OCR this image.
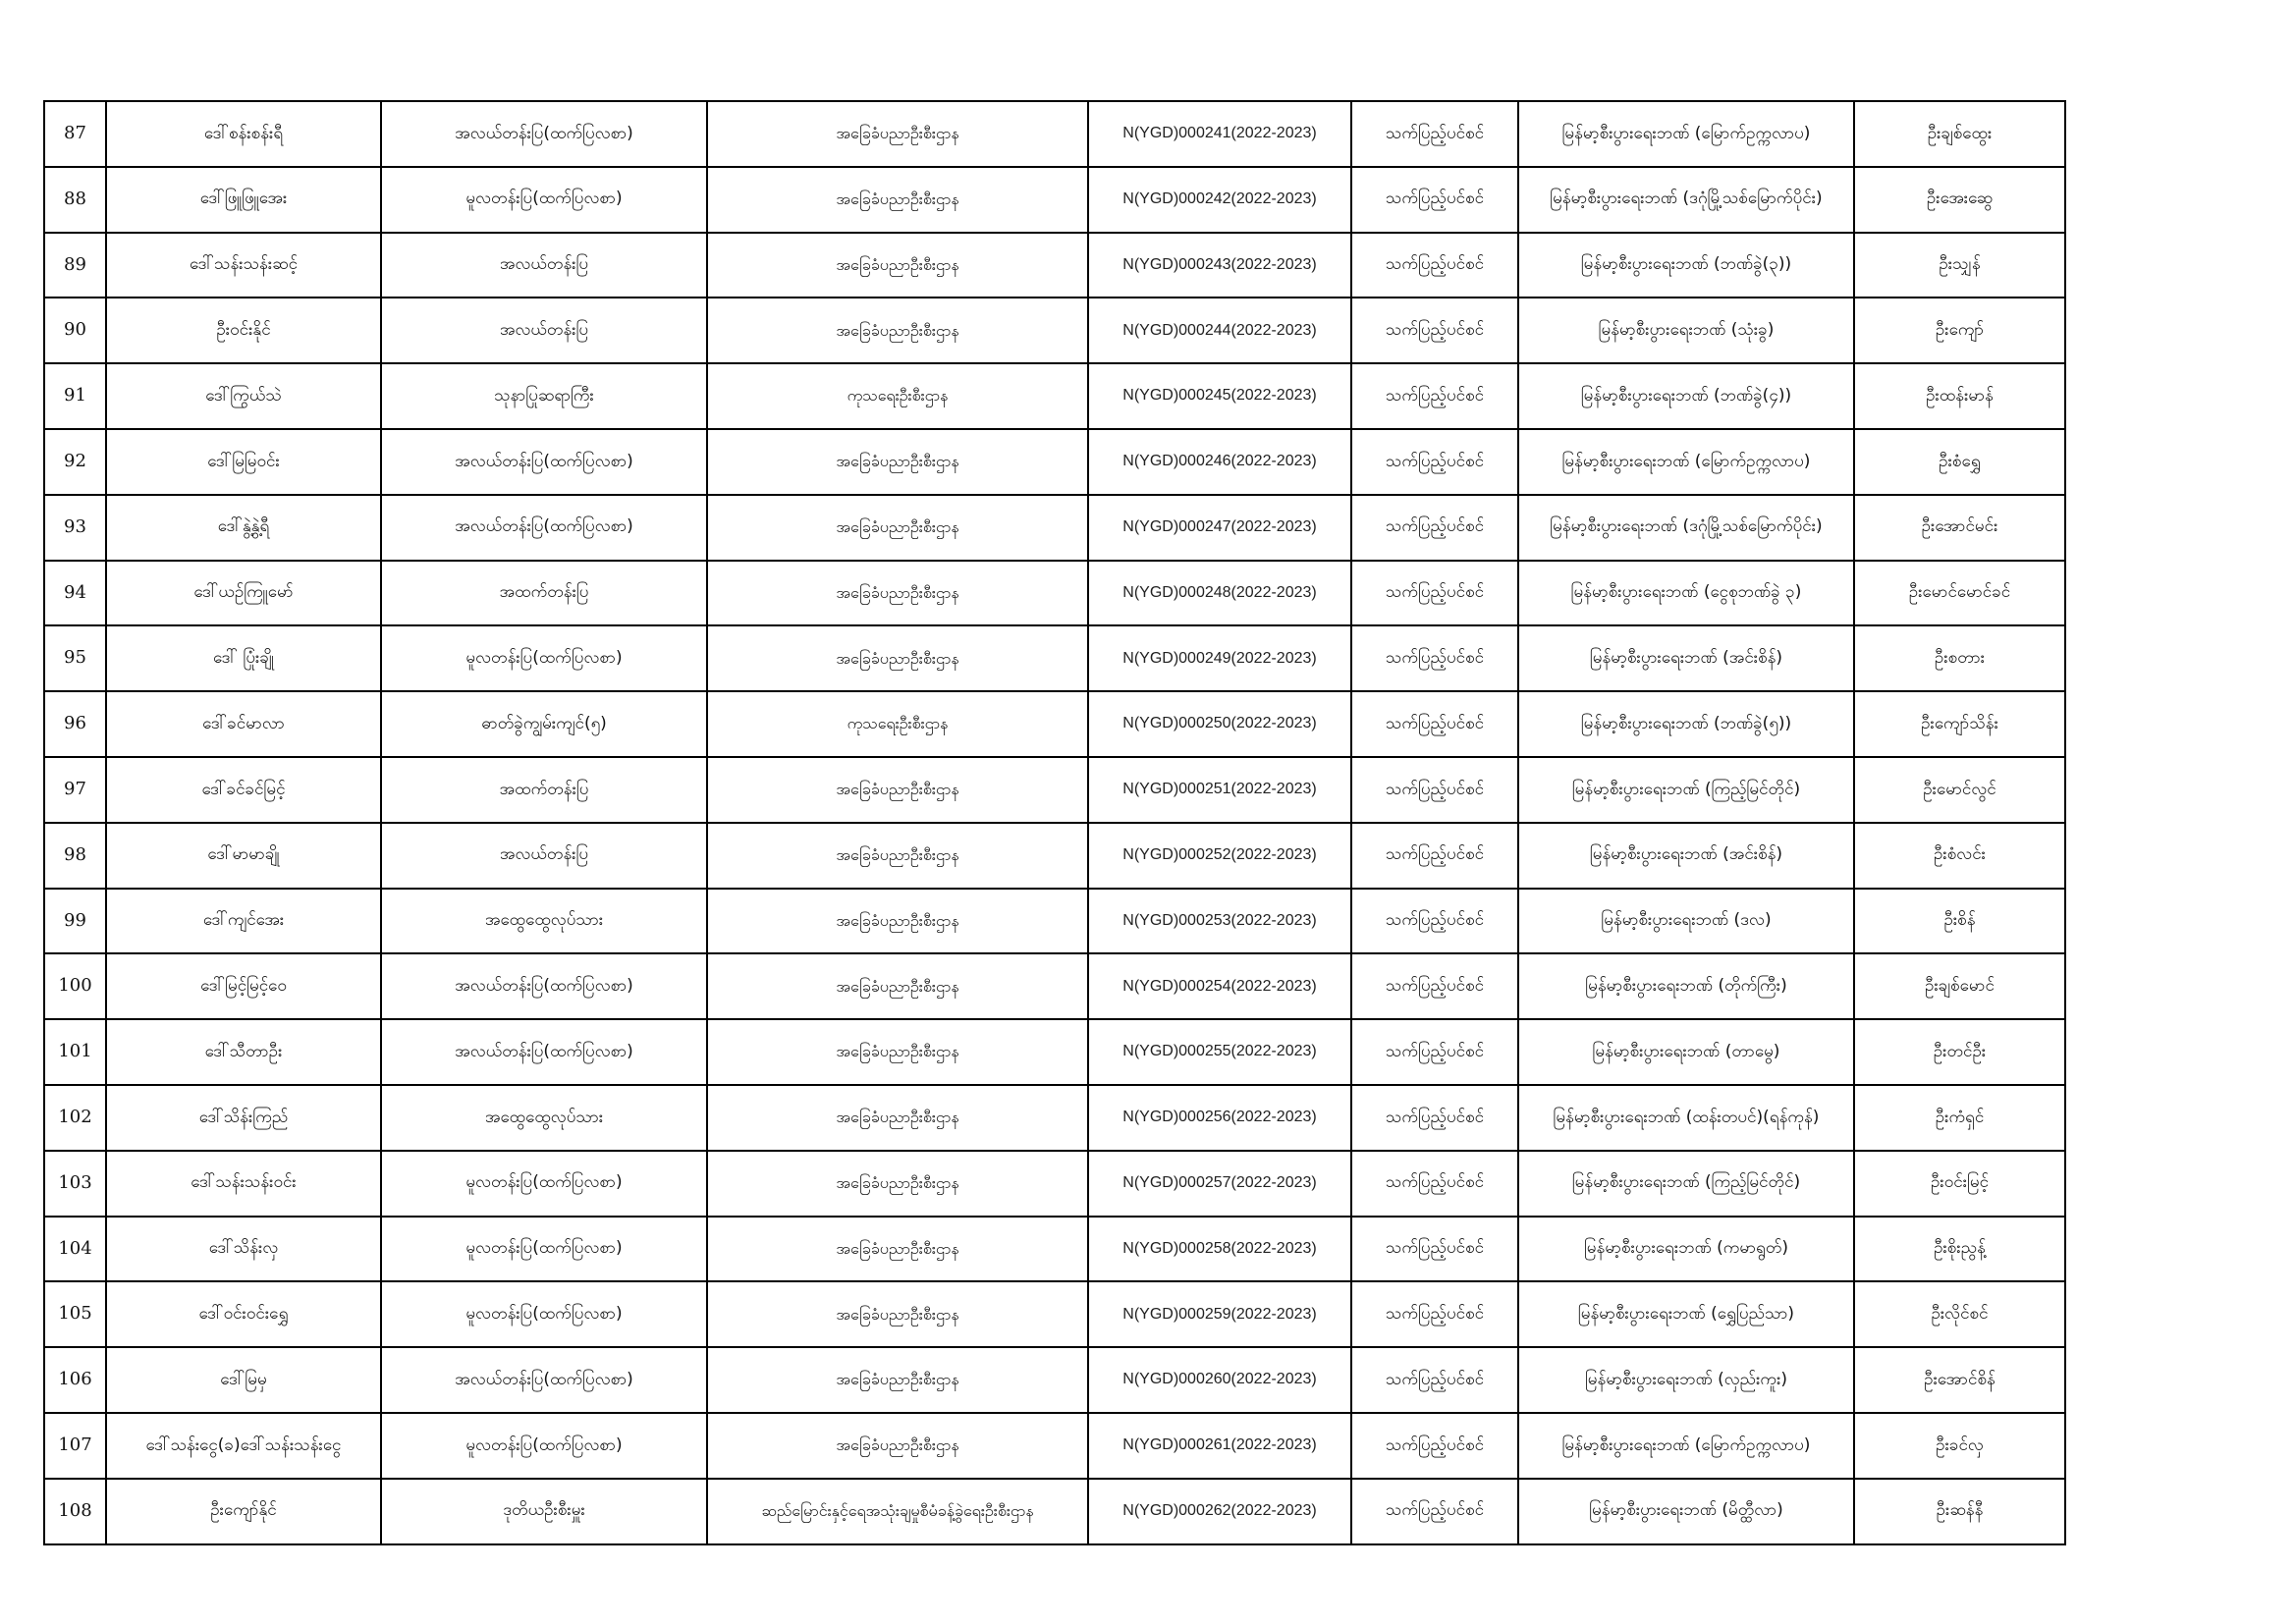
87	ဒေါ်စန်းစန်းရီ	အလယ်တန်းပြ(ထက်ပြလစာ)	အခြေခံပညာဦးစီးဌာန	N(YGD)000241(2022-2023)	သက်ပြည့်ပင်စင်	မြန်မာ့စီးပွားရေးဘဏ် (မြောက်ဥက္ကလာပ)	ဦးချစ်ထွေး
88	ဒေါ်ဖြူဖြူအေး	မူလတန်းပြ(ထက်ပြလစာ)	အခြေခံပညာဦးစီးဌာန	N(YGD)000242(2022-2023)	သက်ပြည့်ပင်စင်	မြန်မာ့စီးပွားရေးဘဏ် (ဒဂုံမြို့သစ်မြောက်ပိုင်း)	ဦးအေးဆွေ
89	ဒေါ်သန်းသန်းဆင့်	အလယ်တန်းပြ	အခြေခံပညာဦးစီးဌာန	N(YGD)000243(2022-2023)	သက်ပြည့်ပင်စင်	မြန်မာ့စီးပွားရေးဘဏ် (ဘဏ်ခွဲ(၃))	ဦးသျှန်
90	ဦးဝင်းနိုင်	အလယ်တန်းပြ	အခြေခံပညာဦးစီးဌာန	N(YGD)000244(2022-2023)	သက်ပြည့်ပင်စင်	မြန်မာ့စီးပွားရေးဘဏ် (သုံးခွ)	ဦးကျော်
91	ဒေါ်ကြွယ်သဲ	သုနာပြုဆရာကြီး	ကုသရေးဦးစီးဌာန	N(YGD)000245(2022-2023)	သက်ပြည့်ပင်စင်	မြန်မာ့စီးပွားရေးဘဏ် (ဘဏ်ခွဲ(၄))	ဦးထန်းမာန်
92	ဒေါ်မြမြဝင်း	အလယ်တန်းပြ(ထက်ပြလစာ)	အခြေခံပညာဦးစီးဌာန	N(YGD)000246(2022-2023)	သက်ပြည့်ပင်စင်	မြန်မာ့စီးပွားရေးဘဏ် (မြောက်ဥက္ကလာပ)	ဦးစံရွှေ
93	ဒေါ်နွဲ့နွဲ့ရီ	အလယ်တန်းပြ(ထက်ပြလစာ)	အခြေခံပညာဦးစီးဌာန	N(YGD)000247(2022-2023)	သက်ပြည့်ပင်စင်	မြန်မာ့စီးပွားရေးဘဏ် (ဒဂုံမြို့သစ်မြောက်ပိုင်း)	ဦးအောင်မင်း
94	ဒေါ်ယဉ်ကြူမော်	အထက်တန်းပြ	အခြေခံပညာဦးစီးဌာန	N(YGD)000248(2022-2023)	သက်ပြည့်ပင်စင်	မြန်မာ့စီးပွားရေးဘဏ် (ငွေစုဘဏ်ခွဲ ၃)	ဦးမောင်မောင်ခင်
95	ဒေါ် ပြုံးချို	မူလတန်းပြ(ထက်ပြလစာ)	အခြေခံပညာဦးစီးဌာန	N(YGD)000249(2022-2023)	သက်ပြည့်ပင်စင်	မြန်မာ့စီးပွားရေးဘဏ် (အင်းစိန်)	ဦးစတား
96	ဒေါ်ခင်မာလာ	ဓာတ်ခွဲကျွမ်းကျင်(၅)	ကုသရေးဦးစီးဌာန	N(YGD)000250(2022-2023)	သက်ပြည့်ပင်စင်	မြန်မာ့စီးပွားရေးဘဏ် (ဘဏ်ခွဲ(၅))	ဦးကျော်သိန်း
97	ဒေါ်ခင်ခင်မြင့်	အထက်တန်းပြ	အခြေခံပညာဦးစီးဌာန	N(YGD)000251(2022-2023)	သက်ပြည့်ပင်စင်	မြန်မာ့စီးပွားရေးဘဏ် (ကြည့်မြင်တိုင်)	ဦးမောင်လွင်
98	ဒေါ်မာမာချို	အလယ်တန်းပြ	အခြေခံပညာဦးစီးဌာန	N(YGD)000252(2022-2023)	သက်ပြည့်ပင်စင်	မြန်မာ့စီးပွားရေးဘဏ် (အင်းစိန်)	ဦးစံလင်း
99	ဒေါ်ကျင်အေး	အထွေထွေလုပ်သား	အခြေခံပညာဦးစီးဌာန	N(YGD)000253(2022-2023)	သက်ပြည့်ပင်စင်	မြန်မာ့စီးပွားရေးဘဏ် (ဒလ)	ဦးစိန်
100	ဒေါ်မြင့်မြင့်ဝေ	အလယ်တန်းပြ(ထက်ပြလစာ)	အခြေခံပညာဦးစီးဌာန	N(YGD)000254(2022-2023)	သက်ပြည့်ပင်စင်	မြန်မာ့စီးပွားရေးဘဏ် (တိုက်ကြီး)	ဦးချစ်မောင်
101	ဒေါ်သီတာဦး	အလယ်တန်းပြ(ထက်ပြလစာ)	အခြေခံပညာဦးစီးဌာန	N(YGD)000255(2022-2023)	သက်ပြည့်ပင်စင်	မြန်မာ့စီးပွားရေးဘဏ် (တာမွေ)	ဦးတင်ဦး
102	ဒေါ်သိန်းကြည်	အထွေထွေလုပ်သား	အခြေခံပညာဦးစီးဌာန	N(YGD)000256(2022-2023)	သက်ပြည့်ပင်စင်	မြန်မာ့စီးပွားရေးဘဏ် (ထန်းတပင်)(ရန်ကုန်)	ဦးကံရှင်
103	ဒေါ်သန်းသန်းဝင်း	မူလတန်းပြ(ထက်ပြလစာ)	အခြေခံပညာဦးစီးဌာန	N(YGD)000257(2022-2023)	သက်ပြည့်ပင်စင်	မြန်မာ့စီးပွားရေးဘဏ် (ကြည့်မြင်တိုင်)	ဦးဝင်းမြင့်
104	ဒေါ်သိန်းလှ	မူလတန်းပြ(ထက်ပြလစာ)	အခြေခံပညာဦးစီးဌာန	N(YGD)000258(2022-2023)	သက်ပြည့်ပင်စင်	မြန်မာ့စီးပွားရေးဘဏ် (ကမာရွတ်)	ဦးစိုးညွန့်
105	ဒေါ်ဝင်းဝင်းရွှေ	မူလတန်းပြ(ထက်ပြလစာ)	အခြေခံပညာဦးစီးဌာန	N(YGD)000259(2022-2023)	သက်ပြည့်ပင်စင်	မြန်မာ့စီးပွားရေးဘဏ် (ရွှေပြည်သာ)	ဦးလိုင်စင်
106	ဒေါ်မြမှ	အလယ်တန်းပြ(ထက်ပြလစာ)	အခြေခံပညာဦးစီးဌာန	N(YGD)000260(2022-2023)	သက်ပြည့်ပင်စင်	မြန်မာ့စီးပွားရေးဘဏ် (လှည်းကူး)	ဦးအောင်စိန်
107	ဒေါ်သန်းငွေ(ခ)ဒေါ်သန်းသန်းငွေ	မူလတန်းပြ(ထက်ပြလစာ)	အခြေခံပညာဦးစီးဌာန	N(YGD)000261(2022-2023)	သက်ပြည့်ပင်စင်	မြန်မာ့စီးပွားရေးဘဏ် (မြောက်ဥက္ကလာပ)	ဦးခင်လှ
108	ဦးကျော်နိုင်	ဒုတိယဦးစီးမှူး	ဆည်မြောင်းနှင့်ရေအသုံးချမှုစီမံခန့်ခွဲရေးဦးစီးဌာန	N(YGD)000262(2022-2023)	သက်ပြည့်ပင်စင်	မြန်မာ့စီးပွားရေးဘဏ် (မိတ္ထီလာ)	ဦးဆန်နီ
